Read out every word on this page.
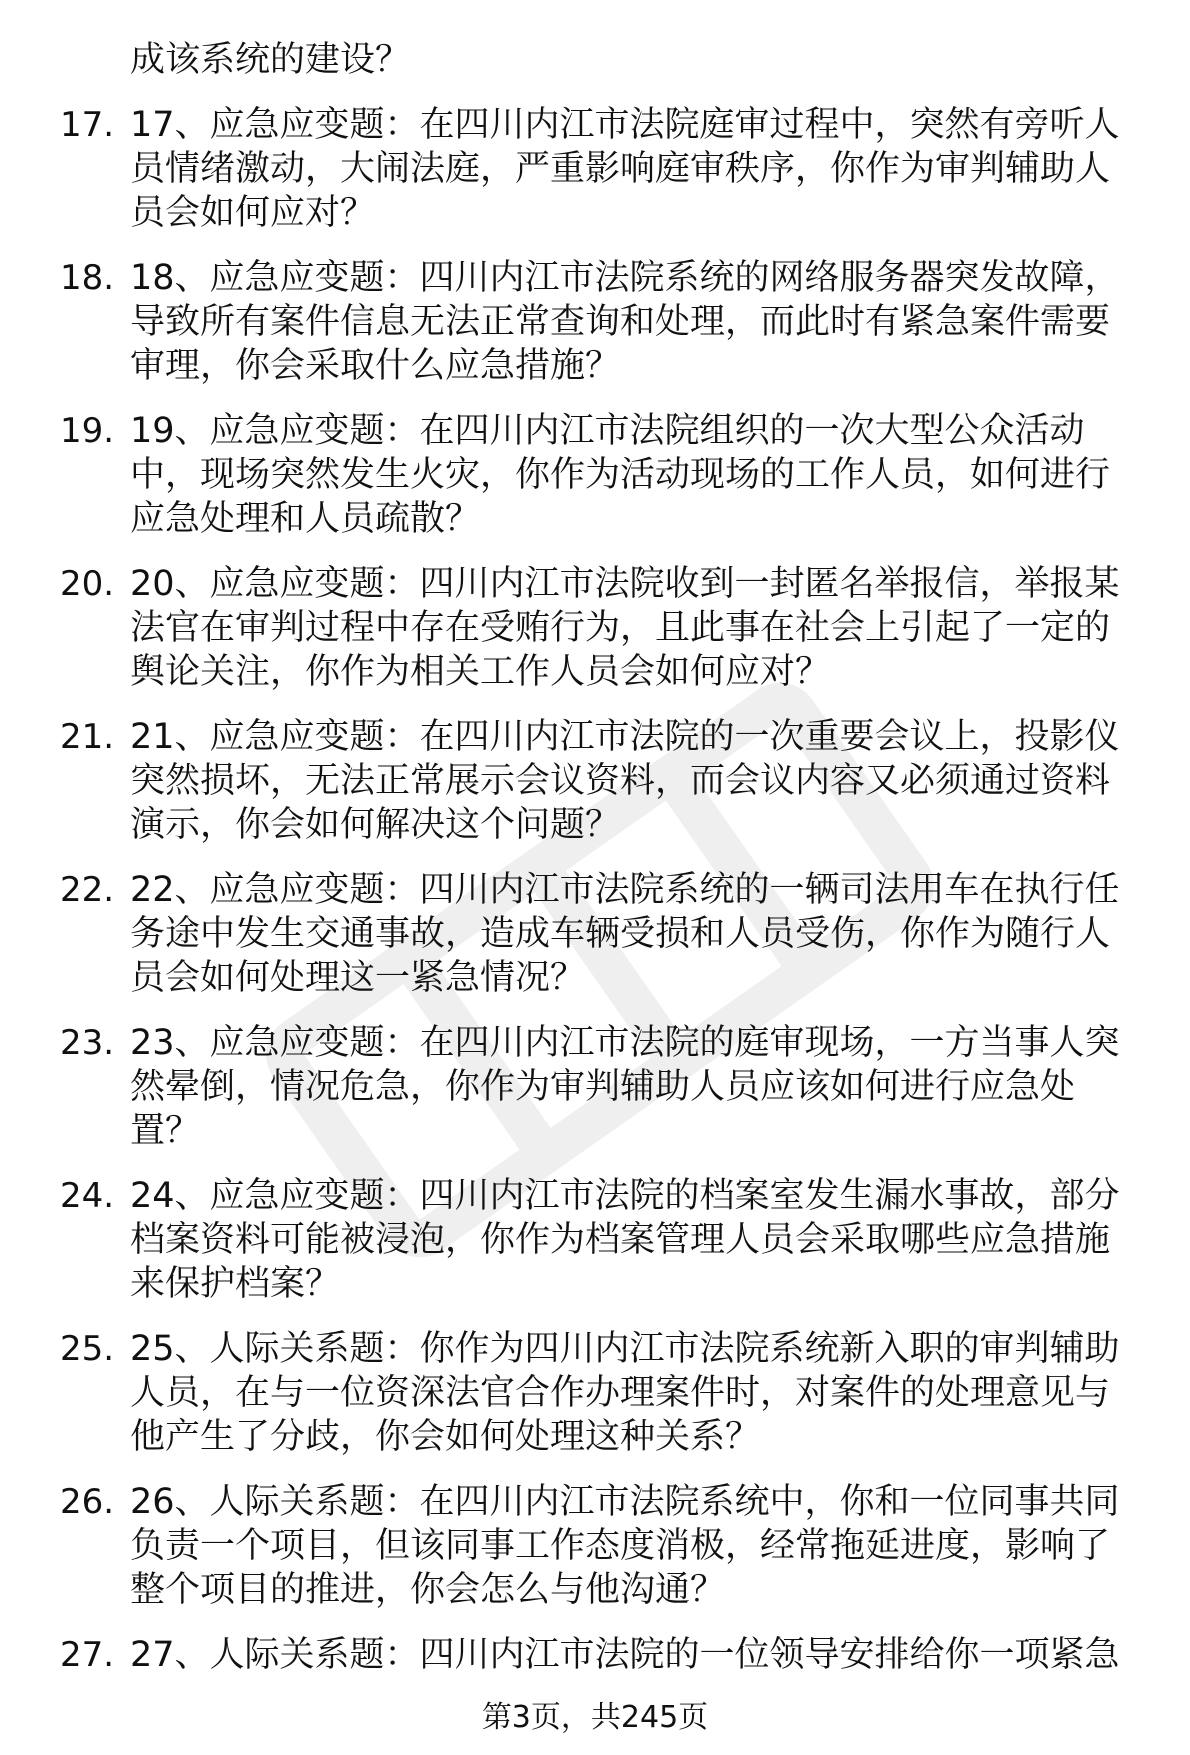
成该系统的建设？
17. 17、应急应变题：在四川内江市法院庭审过程中，突然有旁听人
员情绪激动，大闹法庭，严重影响庭审秩序，你作为审判辅助人
员会如何应对？
18. 18、应急应变题：四川内江市法院系统的网络服务器突发故障，
导致所有案件信息无法正常查询和处理，而此时有紧急案件需要
审理，你会采取什么应急措施？
19. 19、应急应变题：在四川内江市法院组织的一次大型公众活动
中，现场突然发生火灾，你作为活动现场的工作人员，如何进行
应急处理和人员疏散？
20. 20、应急应变题：四川内江市法院收到一封匿名举报信，举报某
法官在审判过程中存在受贿行为，且此事在社会上引起了一定的
舆论关注，你作为相关工作人员会如何应对？
21. 21、应急应变题：在四川内江市法院的一次重要会议上，投影仪
突然损坏，无法正常展示会议资料，而会议内容又必须通过资料
演示，你会如何解决这个问题？
22. 22、应急应变题：四川内江市法院系统的一辆司法用车在执行任
务途中发生交通事故，造成车辆受损和人员受伤，你作为随行人
员会如何处理这一紧急情况？
23. 23、应急应变题：在四川内江市法院的庭审现场，一方当事人突
然晕倒，情况危急，你作为审判辅助人员应该如何进行应急处
置？
24. 24、应急应变题：四川内江市法院的档案室发生漏水事故，部分
档案资料可能被浸泡，你作为档案管理人员会采取哪些应急措施
来保护档案？
25. 25、人际关系题：你作为四川内江市法院系统新入职的审判辅助
人员，在与一位资深法官合作办理案件时，对案件的处理意见与
他产生了分歧，你会如何处理这种关系？
26. 26、人际关系题：在四川内江市法院系统中，你和一位同事共同
负责一个项目，但该同事工作态度消极，经常拖延进度，影响了
整个项目的推进，你会怎么与他沟通？
27. 27、人际关系题：四川内江市法院的一位领导安排给你一项紧急
第3页，共245页
